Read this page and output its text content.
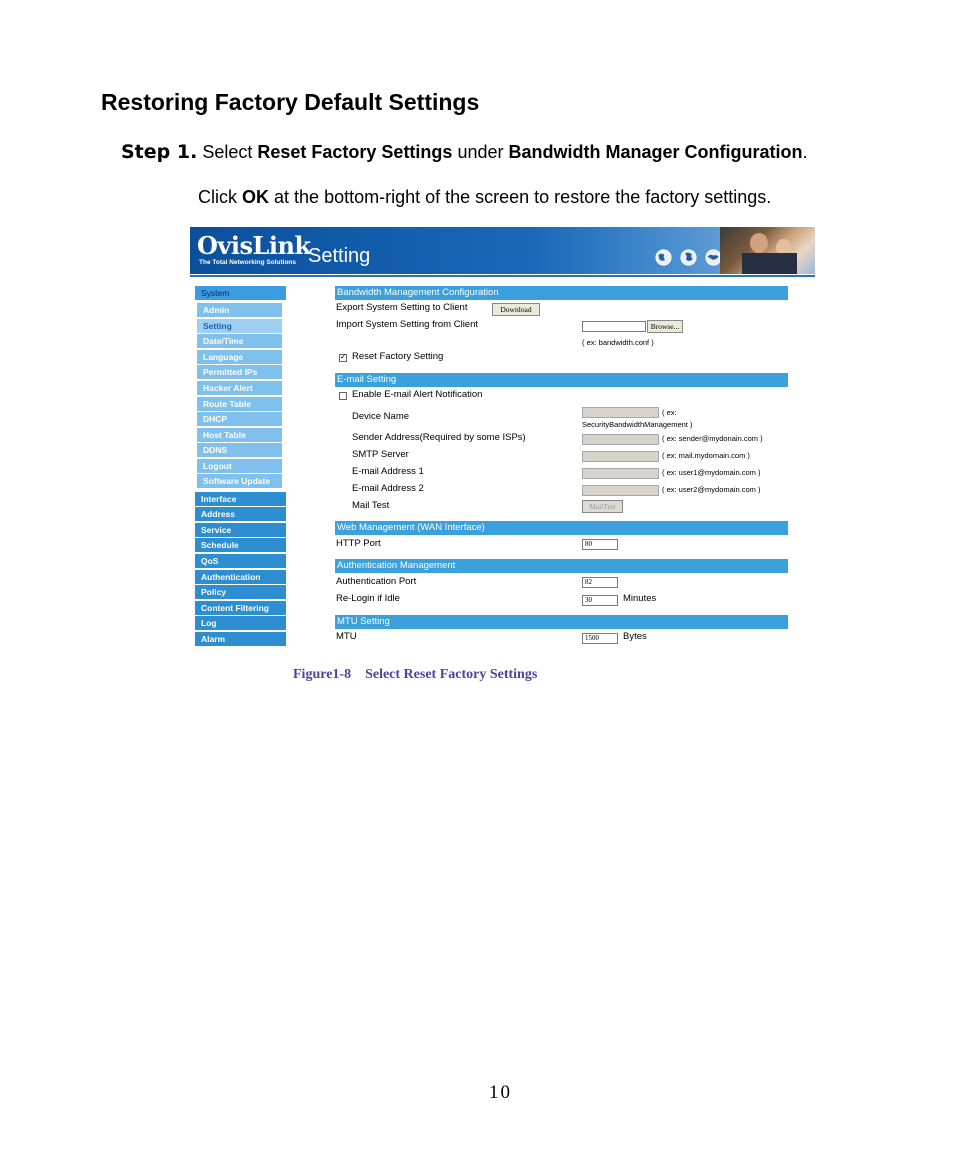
Restoring Factory Default Settings
Step 1. Select Reset Factory Settings under Bandwidth Manager Configuration.
Click OK at the bottom-right of the screen to restore the factory settings.
OvisLink
The Total Networking Solutions Setting
System
Admin
Setting
Date/Time
Language
Permitted IPs
Hacker Alert
Route Table
DHCP
Host Table
DDNS
Logout
Software Update
Interface
Address
Service
Schedule
QoS
Authentication
Policy
Content Filtering
Log
Alarm
Bandwidth Management Configuration
Export System Setting to Client	Download
Import System Setting from Client	Browse...
( ex: bandwidth.conf )
✓
Reset Factory Setting
E-mail Setting
Enable E-mail Alert Notification
Device Name	( ex:
SecurityBandwidthManagement )
Sender Address(Required by some ISPs)	( ex: sender@mydonain.com )
SMTP Server	( ex: mail.mydomain.com )
E-mail Address 1	( ex: user1@mydomain.com )
E-mail Address 2	( ex: user2@mydomain.com )
Mail Test	MailTest
Web Management (WAN Interface)
HTTP Port	80
Authentication Management
Authentication Port	82
Re-Login if Idle	30	Minutes
MTU Setting
MTU	1500	Bytes
Figure1-8    Select Reset Factory Settings
10
